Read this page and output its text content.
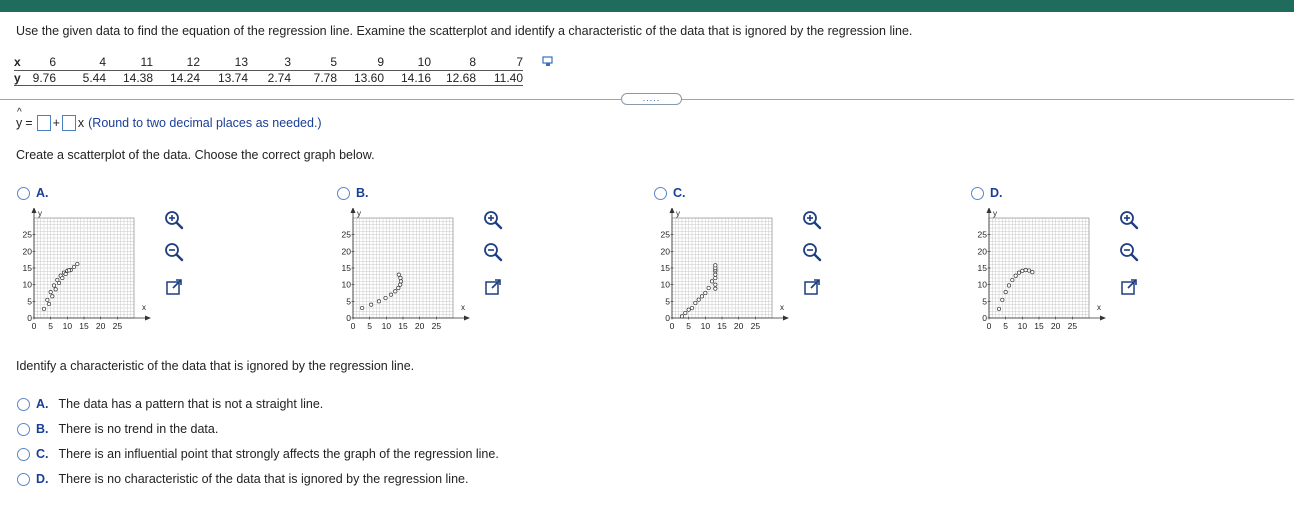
Use the given data to find the equation of the regression line. Examine the scatterplot and identify a characteristic of the data that is ignored by the regression line.
x	6	4	11	12	13	3	5	9	10	8	7
y	9.76	5.44	14.38	14.24	13.74	2.74	7.78	13.60	14.16	12.68	11.40
.....
^
y = + x (Round to two decimal places as needed.)
Create a scatterplot of the data. Choose the correct graph below.
A.
y
x
25
20
15
10
5
0
0 5 10 15 20 25
B.
y
x
25
20
15
10
5
0
0 5 10 15 20 25
C.
y
x
25
20
15
10
5
0
0 5 10 15 20 25
D.
y
x
25
20
15
10
5
0
0 5 10 15 20 25
Identify a characteristic of the data that is ignored by the regression line.
A. The data has a pattern that is not a straight line.
B. There is no trend in the data.
C. There is an influential point that strongly affects the graph of the regression line.
D. There is no characteristic of the data that is ignored by the regression line.
